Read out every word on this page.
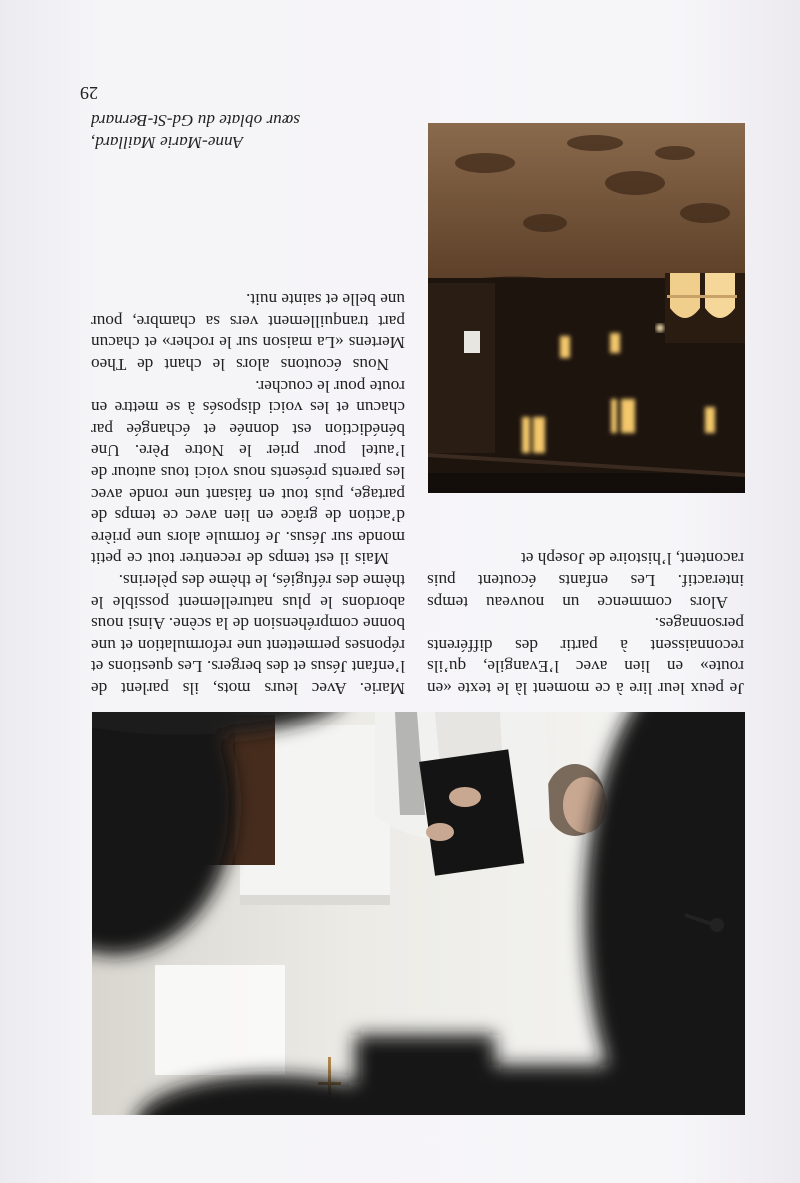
Je peux leur lire à ce moment là le texte «en route» en lien avec l’Evangile, qu’ils reconnaissent à partir des différents personnages.

Alors commence un nouveau temps interactif. Les enfants écoutent puis racontent, l’histoire de Joseph et

Marie. Avec leurs mots, ils parlent de l’enfant Jésus et des bergers. Les questions et réponses permettent une reformulation et une bonne compréhension de la scène. Ainsi nous abordons le plus naturellement possible le thème des réfugiés, le thème des pèlerins.

Mais il est temps de recentrer tout ce petit monde sur Jésus. Je formule alors une prière d’action de grâce en lien avec ce temps de partage, puis tout en faisant une ronde avec les parents présents nous voici tous autour de l’autel pour prier le Notre Père. Une bénédiction est donnée et échangée par chacun et les voici disposés à se mettre en route pour le coucher.

Nous écoutons alors le chant de Theo Mertens «La maison sur le rocher» et chacun part tranquillement vers sa chambre, pour une belle et sainte nuit.

Anne-Marie Maillard,
sœur oblate du Gd-St-Bernard
29
